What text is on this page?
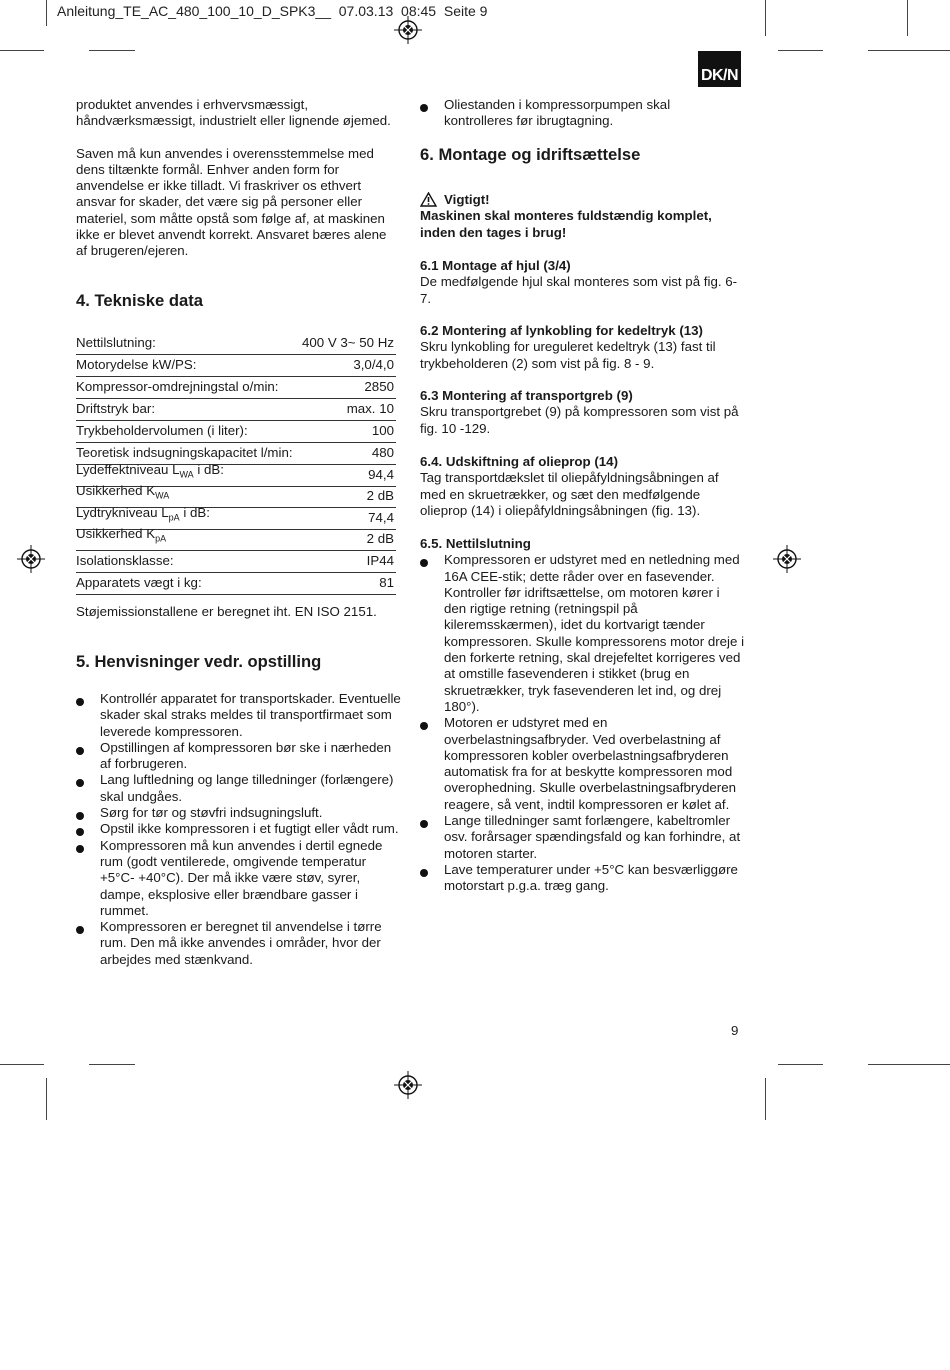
Anleitung_TE_AC_480_100_10_D_SPK3__  07.03.13  08:45  Seite 9
DK/N

produktet anvendes i erhvervsmæssigt, håndværksmæssigt, industrielt eller lignende øjemed.

Saven må kun anvendes i overensstemmelse med dens tiltænkte formål. Enhver anden form for anvendelse er ikke tilladt. Vi fraskriver os ethvert ansvar for skader, det være sig på personer eller materiel, som måtte opstå som følge af, at maskinen ikke er blevet anvendt korrekt. Ansvaret bæres alene af brugeren/ejeren.

4. Tekniske data
Nettilslutning:	400 V 3~ 50 Hz
Motorydelse kW/PS:	3,0/4,0
Kompressor-omdrejningstal o/min:	2850
Driftstryk bar:	max. 10
Trykbeholdervolumen (i liter):	100
Teoretisk indsugningskapacitet l/min:	480
Lydeffektniveau $L_{WA}$ i dB:	94,4
Usikkerhed $K_{WA}$	2 dB
Lydtrykniveau $L_{pA}$ i dB:	74,4
Usikkerhed $K_{pA}$	2 dB
Isolationsklasse:	IP44
Apparatets vægt i kg:	81
Støjemissionstallene er beregnet iht. EN ISO 2151.
5. Henvisninger vedr. opstilling
Kontrollér apparatet for transportskader. Eventuelle skader skal straks meldes til transportfirmaet som leverede kompressoren.
Opstillingen af kompressoren bør ske i nærheden af forbrugeren.
Lang luftledning og lange tilledninger (forlængere) skal undgåes.
Sørg for tør og støvfri indsugningsluft.
Opstil ikke kompressoren i et fugtigt eller vådt rum.
Kompressoren må kun anvendes i dertil egnede rum (godt ventilerede, omgivende temperatur +5°C- +40°C). Der må ikke være støv, syrer, dampe, eksplosive eller brændbare gasser i rummet.
Kompressoren er beregnet til anvendelse i tørre rum. Den må ikke anvendes i områder, hvor der arbejdes med stænkvand.
Oliestanden i kompressorpumpen skal kontrolleres før ibrugtagning.
6. Montage og idriftsættelse
Vigtigt!

Maskinen skal monteres fuldstændig komplet, inden den tages i brug!

6.1 Montage af hjul (3/4)

De medfølgende hjul skal monteres som vist på fig. 6-7.

6.2 Montering af lynkobling for kedeltryk (13)

Skru lynkobling for ureguleret kedeltryk (13) fast til trykbeholderen (2) som vist på fig. 8 - 9.

6.3 Montering af transportgreb (9)

Skru transportgrebet (9) på kompressoren som vist på fig. 10 -129.

6.4. Udskiftning af olieprop (14)

Tag transportdækslet til oliepåfyldningsåbningen af med en skruetrækker, og sæt den medfølgende olieprop (14) i oliepåfyldningsåbningen (fig. 13).

6.5. Nettilslutning

Kompressoren er udstyret med en netledning med 16A CEE-stik; dette råder over en fasevender. Kontroller før idriftsættelse, om motoren kører i den rigtige retning (retningspil på kileremsskærmen), idet du kortvarigt tænder kompressoren. Skulle kompressorens motor dreje i den forkerte retning, skal drejefeltet korrigeres ved at omstille fasevenderen i stikket (brug en skruetrækker, tryk fasevenderen let ind, og drej 180°).
Motoren er udstyret med en overbelastningsafbryder. Ved overbelastning af kompressoren kobler overbelastningsafbryderen automatisk fra for at beskytte kompressoren mod overophedning. Skulle overbelastningsafbryderen reagere, så vent, indtil kompressoren er kølet af.
Lange tilledninger samt forlængere, kabeltromler osv. forårsager spændingsfald og kan forhindre, at motoren starter.
Lave temperaturer under +5°C kan besværliggøre motorstart p.g.a. træg gang.
9
